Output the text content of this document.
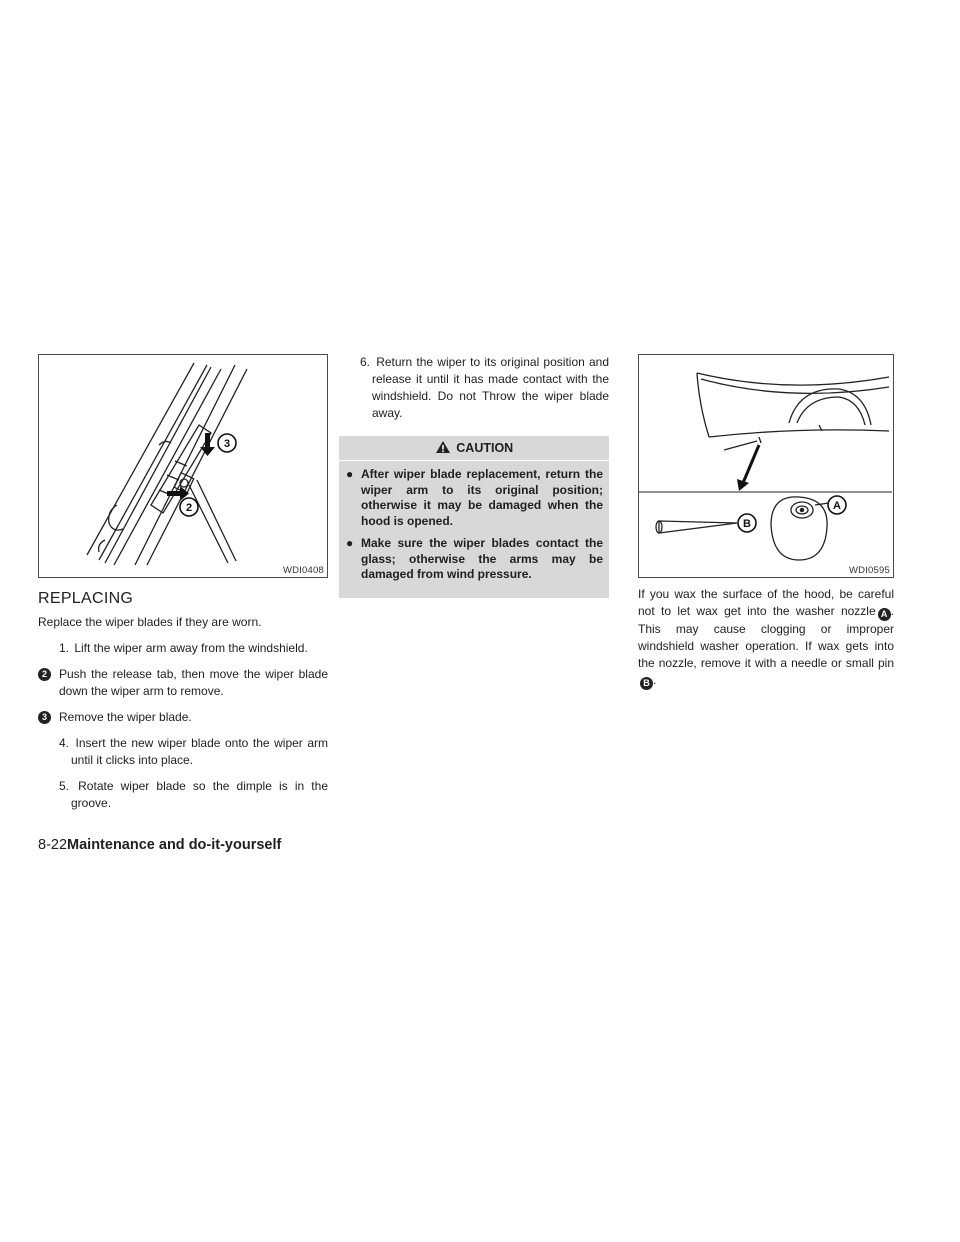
3
2
WDI0408
REPLACING

Replace the wiper blades if they are worn.

1. Lift the wiper arm away from the windshield.
2	Push the release tab, then move the wiper blade down the wiper arm to remove.
3	Remove the wiper blade.
4. Insert the new wiper blade onto the wiper arm until it clicks into place.
5. Rotate wiper blade so the dimple is in the groove.
6. Return the wiper to its original position and release it until it has made contact with the windshield. Do not Throw the wiper blade away.
CAUTION
● After wiper blade replacement, return the wiper arm to its original position; otherwise it may be damaged when the hood is opened.
● Make sure the wiper blades contact the glass; otherwise the arms may be damaged from wind pressure.
A
B
WDI0595

If you wax the surface of the hood, be careful not to let wax get into the washer nozzle A . This may cause clogging or improper windshield washer operation. If wax gets into the nozzle, remove it with a needle or small pinB .

8-22Maintenance and do-it-yourself
